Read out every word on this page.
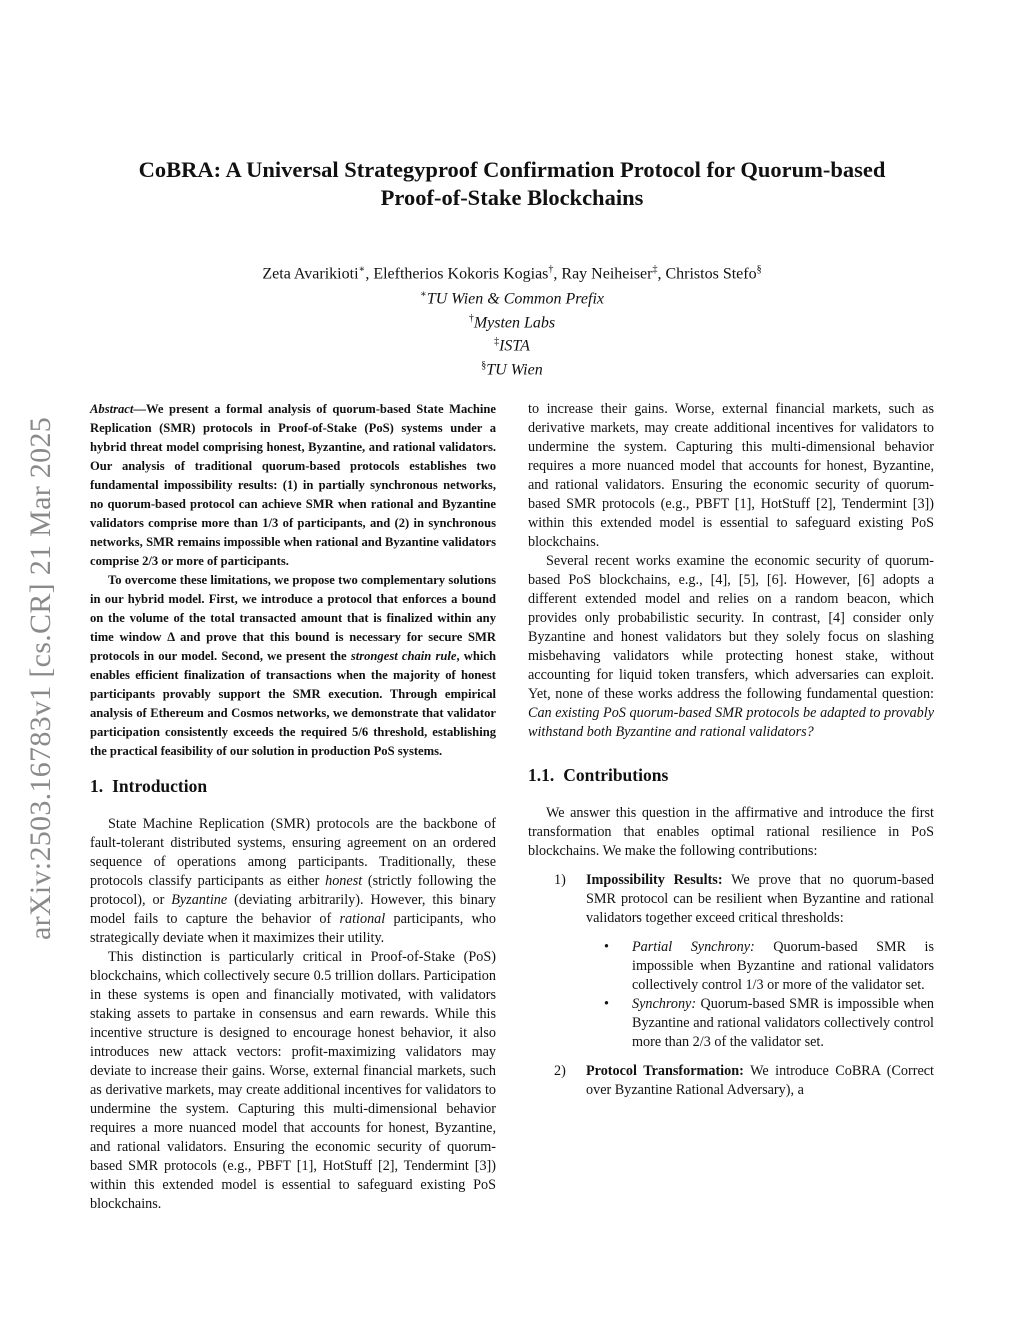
arXiv:2503.16783v1 [cs.CR] 21 Mar 2025
CoBRA: A Universal Strategyproof Confirmation Protocol for Quorum-based
Proof-of-Stake Blockchains
Zeta Avarikioti∗, Eleftherios Kokoris Kogias†, Ray Neiheiser‡, Christos Stefo§
∗TU Wien & Common Prefix
†Mysten Labs
‡ISTA
§TU Wien

Abstract—We present a formal analysis of quorum-based State Machine Replication (SMR) protocols in Proof-of-Stake (PoS) systems under a hybrid threat model comprising honest, Byzantine, and rational validators. Our analysis of traditional quorum-based protocols establishes two fundamental impossibility results: (1) in partially synchronous networks, no quorum-based protocol can achieve SMR when rational and Byzantine validators comprise more than 1/3 of participants, and (2) in synchronous networks, SMR remains impossible when rational and Byzantine validators comprise 2/3 or more of participants.

To overcome these limitations, we propose two complementary solutions in our hybrid model. First, we introduce a protocol that enforces a bound on the volume of the total transacted amount that is finalized within any time window Δ and prove that this bound is necessary for secure SMR protocols in our model. Second, we present the strongest chain rule, which enables efficient finalization of transactions when the majority of honest participants provably support the SMR execution. Through empirical analysis of Ethereum and Cosmos networks, we demonstrate that validator participation consistently exceeds the required 5/6 threshold, establishing the practical feasibility of our solution in production PoS systems.

1. Introduction

State Machine Replication (SMR) protocols are the backbone of fault-tolerant distributed systems, ensuring agreement on an ordered sequence of operations among participants. Traditionally, these protocols classify participants as either honest (strictly following the protocol), or Byzantine (deviating arbitrarily). However, this binary model fails to capture the behavior of rational participants, who strategically deviate when it maximizes their utility.

This distinction is particularly critical in Proof-of-Stake (PoS) blockchains, which collectively secure 0.5 trillion dollars. Participation in these systems is open and financially motivated, with validators staking assets to partake in consensus and earn rewards. While this incentive structure is designed to encourage honest behavior, it also introduces new attack vectors: profit-maximizing validators may deviate to increase their gains. Worse, external financial markets, such as derivative markets, may create additional incentives for validators to undermine the system. Capturing this multi-dimensional behavior requires a more nuanced model that accounts for honest, Byzantine, and rational validators. Ensuring the economic security of quorum-based SMR protocols (e.g., PBFT [1], HotStuff [2], Tendermint [3]) within this extended model is essential to safeguard existing PoS blockchains.

to increase their gains. Worse, external financial markets, such as derivative markets, may create additional incentives for validators to undermine the system. Capturing this multi-dimensional behavior requires a more nuanced model that accounts for honest, Byzantine, and rational validators. Ensuring the economic security of quorum-based SMR protocols (e.g., PBFT [1], HotStuff [2], Tendermint [3]) within this extended model is essential to safeguard existing PoS blockchains.

Several recent works examine the economic security of quorum-based PoS blockchains, e.g., [4], [5], [6]. However, [6] adopts a different extended model and relies on a random beacon, which provides only probabilistic security. In contrast, [4] consider only Byzantine and honest validators but they solely focus on slashing misbehaving validators while protecting honest stake, without accounting for liquid token transfers, which adversaries can exploit. Yet, none of these works address the following fundamental question: Can existing PoS quorum-based SMR protocols be adapted to provably withstand both Byzantine and rational validators?

1.1. Contributions

We answer this question in the affirmative and introduce the first transformation that enables optimal rational resilience in PoS blockchains. We make the following contributions:

1) Impossibility Results: We prove that no quorum-based SMR protocol can be resilient when Byzantine and rational validators together exceed critical thresholds:
• Partial Synchrony: Quorum-based SMR is impossible when Byzantine and rational validators collectively control 1/3 or more of the validator set.
• Synchrony: Quorum-based SMR is impossible when Byzantine and rational validators collectively control more than 2/3 of the validator set.
2) Protocol Transformation: We introduce CoBRA (Correct over Byzantine Rational Adversary), a
